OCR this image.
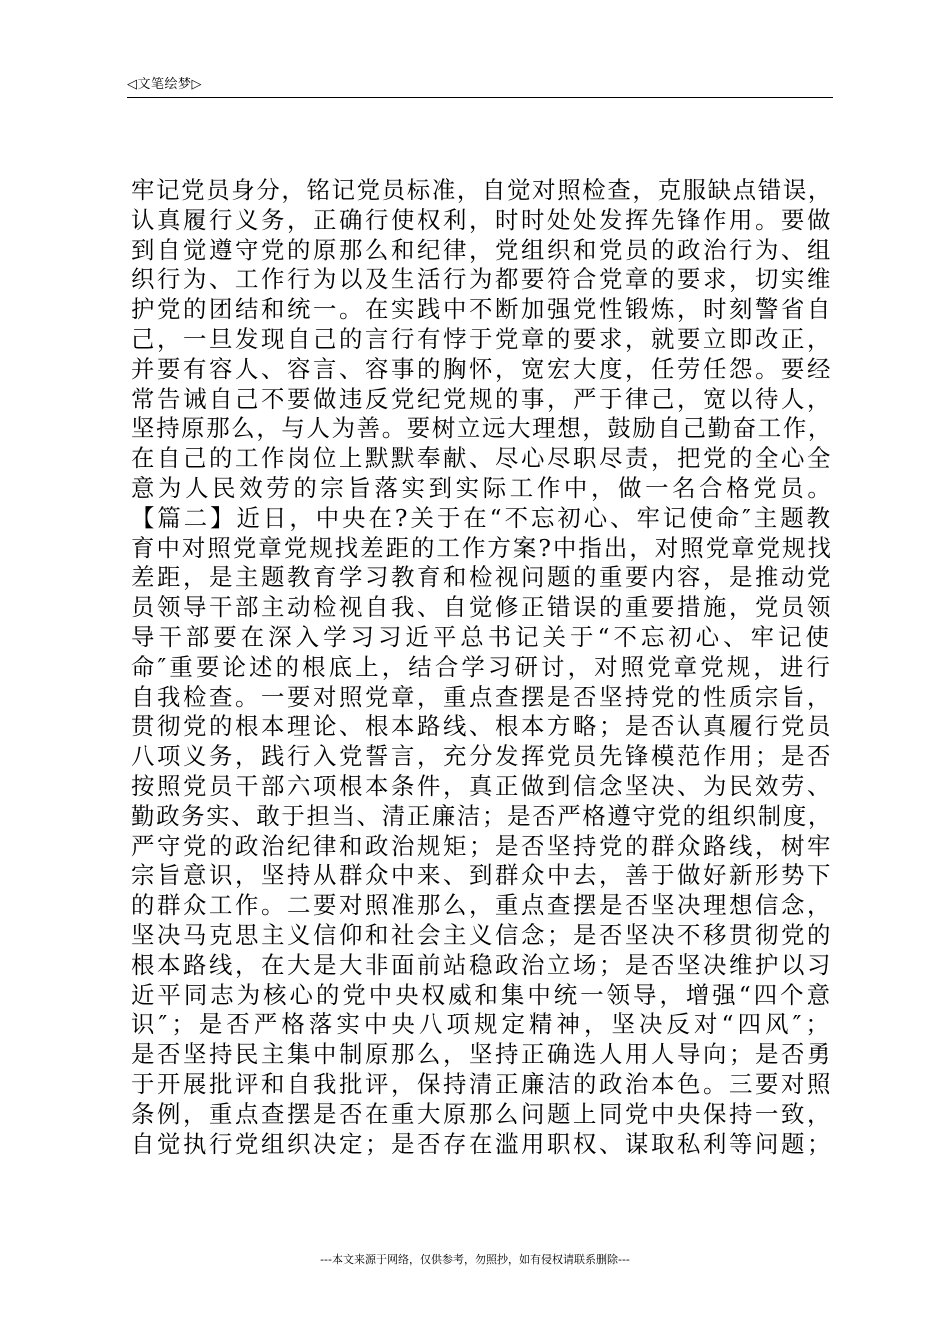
◁文笔绘梦▷
牢记党员身分，铭记党员标准，自觉对照检查，克服缺点错误，
认真履行义务，正确行使权利，时时处处发挥先锋作用。要做
到自觉遵守党的原那么和纪律，党组织和党员的政治行为、组
织行为、工作行为以及生活行为都要符合党章的要求，切实维
护党的团结和统一。在实践中不断加强党性锻炼，时刻警省自
己，一旦发现自己的言行有悖于党章的要求，就要立即改正，
并要有容人、容言、容事的胸怀，宽宏大度，任劳任怨。要经
常告诫自己不要做违反党纪党规的事，严于律己，宽以待人，
坚持原那么，与人为善。要树立远大理想，鼓励自己勤奋工作，
在自己的工作岗位上默默奉献、尽心尽职尽责，把党的全心全
意为人民效劳的宗旨落实到实际工作中，做一名合格党员。
【篇二】近日，中央在?关于在“不忘初心、牢记使命″主题教
育中对照党章党规找差距的工作方案?中指出，对照党章党规找
差距，是主题教育学习教育和检视问题的重要内容，是推动党
员领导干部主动检视自我、自觉修正错误的重要措施，党员领
导干部要在深入学习习近平总书记关于“不忘初心、牢记使
命″重要论述的根底上，结合学习研讨，对照党章党规，进行
自我检查。一要对照党章，重点查摆是否坚持党的性质宗旨，
贯彻党的根本理论、根本路线、根本方略；是否认真履行党员
八项义务，践行入党誓言，充分发挥党员先锋模范作用；是否
按照党员干部六项根本条件，真正做到信念坚决、为民效劳、
勤政务实、敢于担当、清正廉洁；是否严格遵守党的组织制度，
严守党的政治纪律和政治规矩；是否坚持党的群众路线，树牢
宗旨意识，坚持从群众中来、到群众中去，善于做好新形势下
的群众工作。二要对照准那么，重点查摆是否坚决理想信念，
坚决马克思主义信仰和社会主义信念；是否坚决不移贯彻党的
根本路线，在大是大非面前站稳政治立场；是否坚决维护以习
近平同志为核心的党中央权威和集中统一领导，增强“四个意
识″；是否严格落实中央八项规定精神，坚决反对“四风″；
是否坚持民主集中制原那么，坚持正确选人用人导向；是否勇
于开展批评和自我批评，保持清正廉洁的政治本色。三要对照
条例，重点查摆是否在重大原那么问题上同党中央保持一致，
自觉执行党组织决定；是否存在滥用职权、谋取私利等问题；
---本文来源于网络，仅供参考，勿照抄，如有侵权请联系删除---
